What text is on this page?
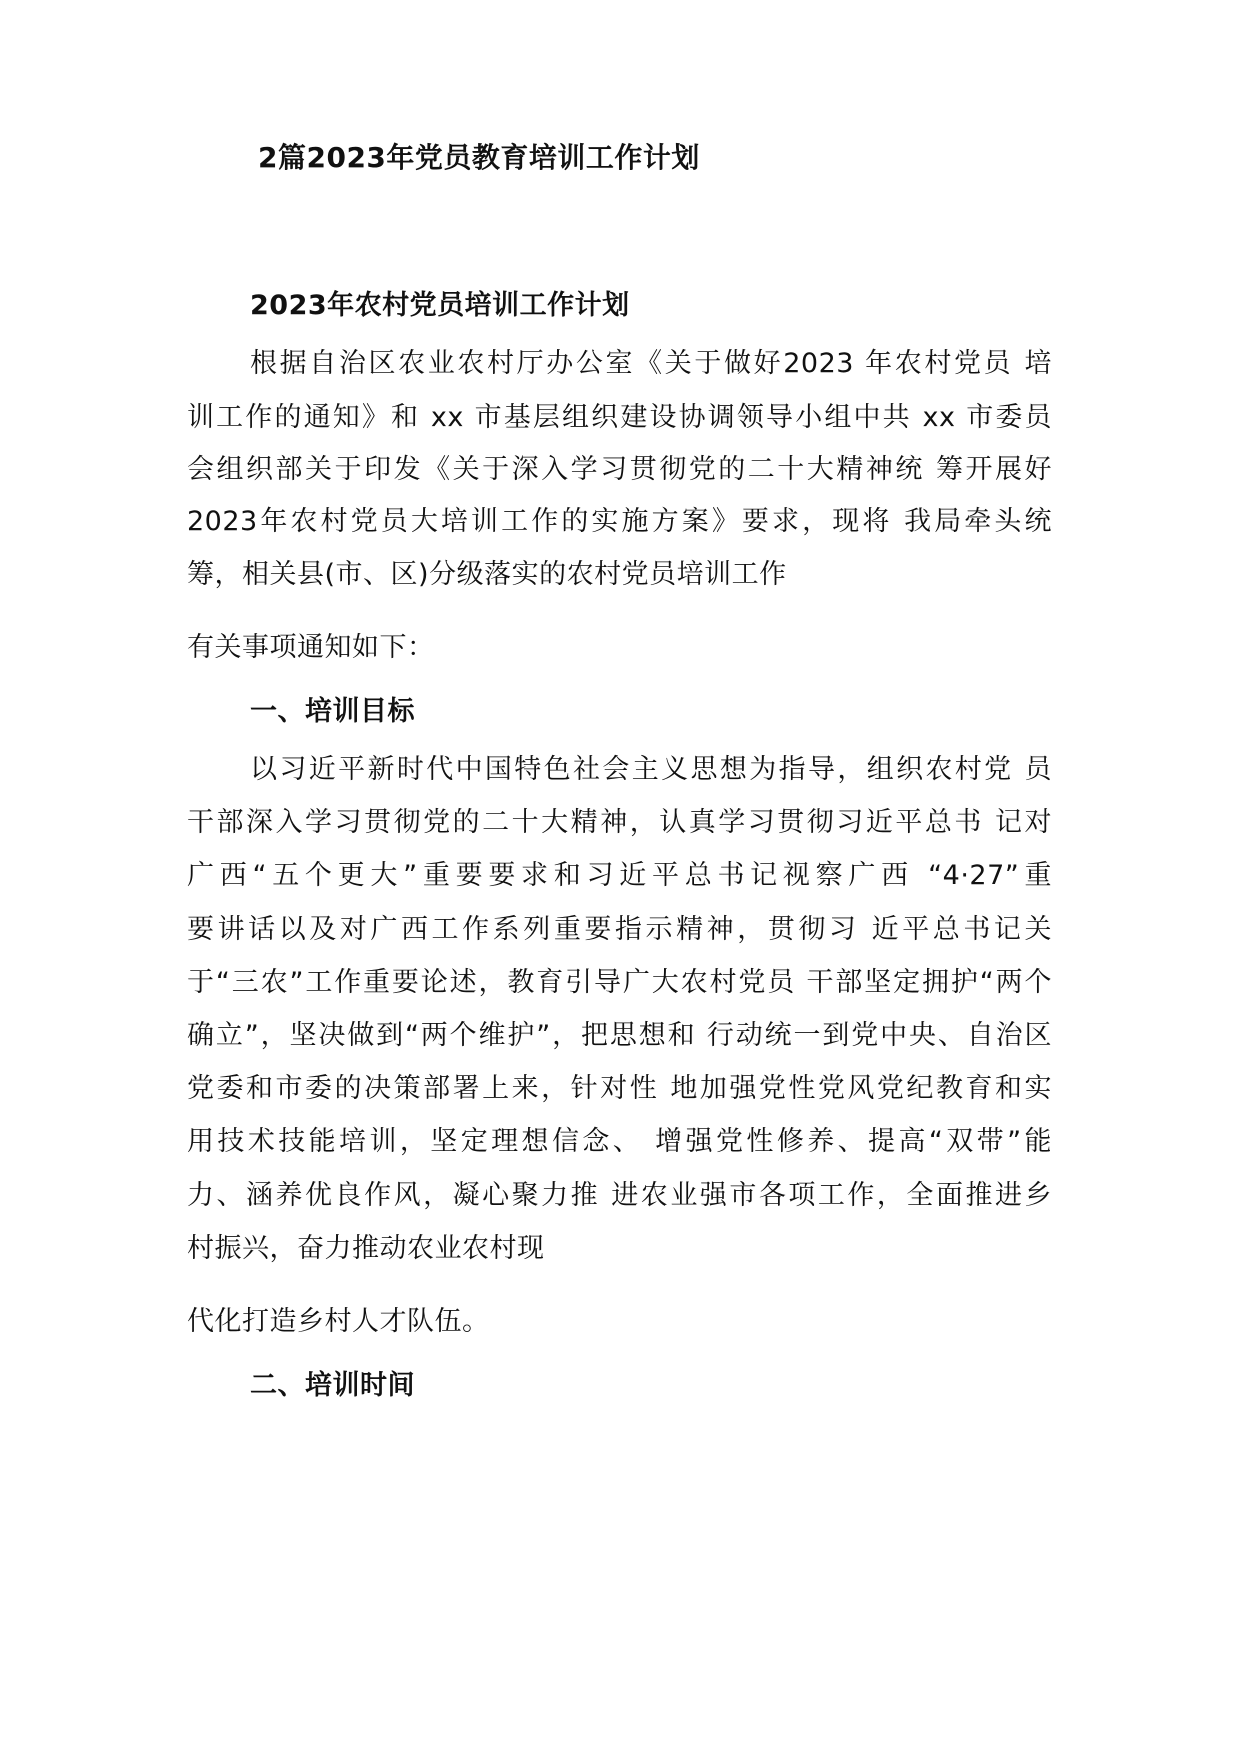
2篇2023年党员教育培训工作计划
2023年农村党员培训工作计划
根据自治区农业农村厅办公室《关于做好2023 年农村党员 培
训工作的通知》和 xx 市基层组织建设协调领导小组中共 xx 市委员
会组织部关于印发《关于深入学习贯彻党的二十大精神统 筹开展好
2023年农村党员大培训工作的实施方案》要求，现将 我局牵头统
筹，相关县(市、区)分级落实的农村党员培训工作
有关事项通知如下：
一、培训目标
以习近平新时代中国特色社会主义思想为指导，组织农村党 员
干部深入学习贯彻党的二十大精神，认真学习贯彻习近平总书 记对
广西“五个更大”重要要求和习近平总书记视察广西 “4·27”重
要讲话以及对广西工作系列重要指示精神，贯彻习 近平总书记关
于“三农”工作重要论述，教育引导广大农村党员 干部坚定拥护“两个
确立”，坚决做到“两个维护”，把思想和 行动统一到党中央、自治区
党委和市委的决策部署上来，针对性 地加强党性党风党纪教育和实
用技术技能培训，坚定理想信念、 增强党性修养、提高“双带”能
力、涵养优良作风，凝心聚力推 进农业强市各项工作，全面推进乡
村振兴，奋力推动农业农村现
代化打造乡村人才队伍。
二、培训时间
